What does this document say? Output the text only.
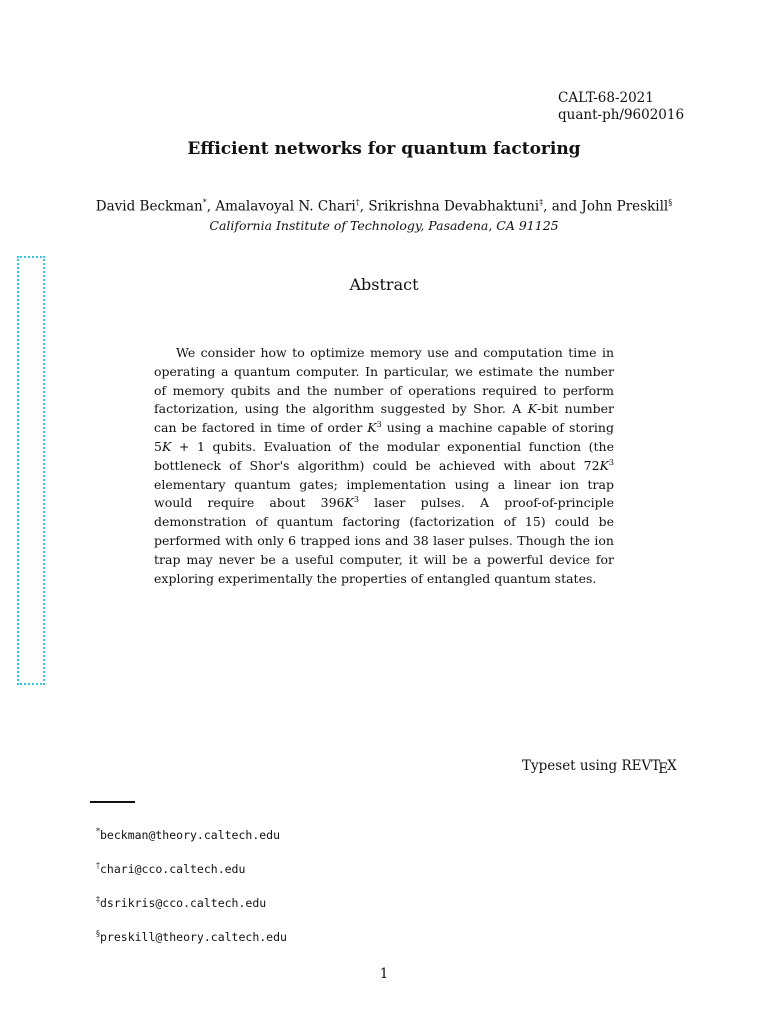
CALT-68-2021
quant-ph/9602016
Efficient networks for quantum factoring
David Beckman*, Amalavoyal N. Chari†, Srikrishna Devabhaktuni‡, and John Preskill§
California Institute of Technology, Pasadena, CA 91125
Abstract

We consider how to optimize memory use and computation time in operating a quantum computer. In particular, we estimate the number of memory qubits and the number of operations required to perform factorization, using the algorithm suggested by Shor. A K-bit number can be factored in time of order $K^3$ using a machine capable of storing 5K + 1 qubits. Evaluation of the modular exponential function (the bottleneck of Shor's algorithm) could be achieved with about $72K^3$ elementary quantum gates; implementation using a linear ion trap would require about $396K^3$ laser pulses. A proof-of-principle demonstration of quantum factoring (factorization of 15) could be performed with only 6 trapped ions and 38 laser pulses. Though the ion trap may never be a useful computer, it will be a powerful device for exploring experimentally the properties of entangled quantum states.

Typeset using REVTEX
*beckman@theory.caltech.edu
†chari@cco.caltech.edu
‡dsrikris@cco.caltech.edu
§preskill@theory.caltech.edu
1
